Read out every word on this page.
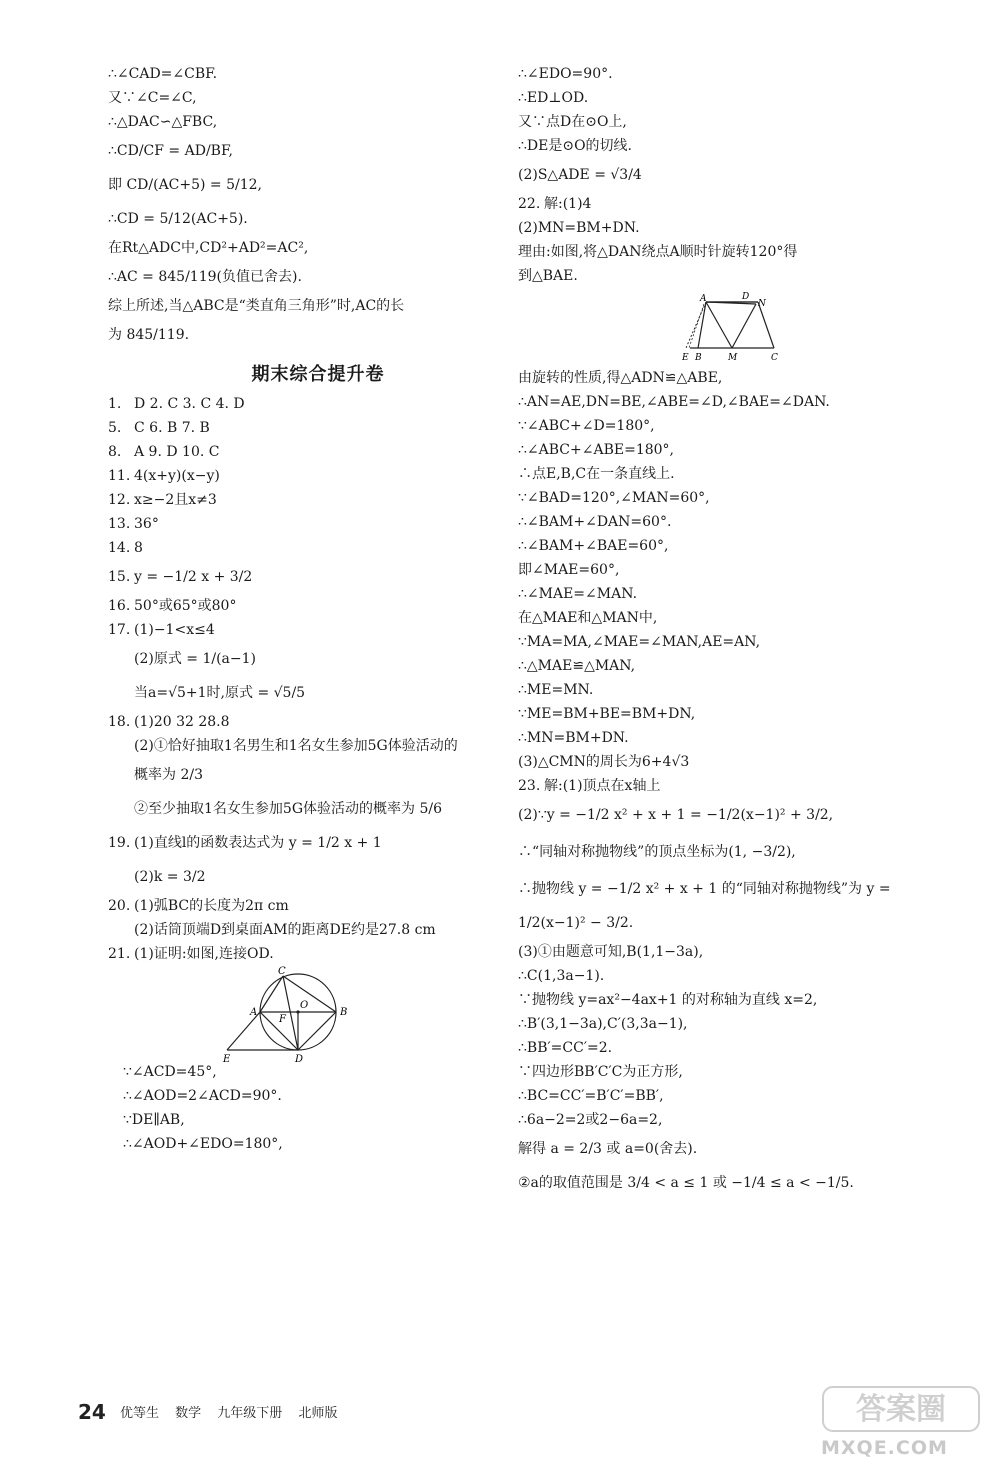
∴∠CAD=∠CBF.
又∵∠C=∠C,
∴△DAC∽△FBC,
∴CD/CF = AD/BF,
即 CD/(AC+5) = 5/12,
∴CD = 5/12(AC+5).
在Rt△ADC中,CD²+AD²=AC²,
∴AC = 845/119(负值已舍去).
综上所述,当△ABC是“类直角三角形”时,AC的长
为 845/119.
期末综合提升卷
1. D 2. C 3. C 4. D
5. C 6. B 7. B
8. A 9. D 10. C
11. 4(x+y)(x−y)
12. x≥−2且x≠3
13. 36°
14. 8
15. y = −1/2 x + 3/2
16. 50°或65°或80°
17. (1)−1<x≤4
(2)原式 = 1/(a−1)
当a=√5+1时,原式 = √5/5
18. (1)20 32 28.8
(2)①恰好抽取1名男生和1名女生参加5G体验活动的
概率为 2/3
②至少抽取1名女生参加5G体验活动的概率为 5/6
19. (1)直线l的函数表达式为 y = 1/2 x + 1
(2)k = 3/2
20. (1)弧BC的长度为2π cm
(2)话筒顶端D到桌面AM的距离DE约是27.8 cm
21. (1)证明:如图,连接OD.
C
A
F
O
B
E	D
∵∠ACD=45°,
∴∠AOD=2∠ACD=90°.
∵DE∥AB,
∴∠AOD+∠EDO=180°,
∴∠EDO=90°.
∴ED⊥OD.
又∵点D在⊙O上,
∴DE是⊙O的切线.
(2)S△ADE = √3/4
22. 解:(1)4
(2)MN=BM+DN.
理由:如图,将△DAN绕点A顺时针旋转120°得
到△BAE.
A	D
N
E B	M	C
由旋转的性质,得△ADN≌△ABE,
∴AN=AE,DN=BE,∠ABE=∠D,∠BAE=∠DAN.
∵∠ABC+∠D=180°,
∴∠ABC+∠ABE=180°,
∴点E,B,C在一条直线上.
∵∠BAD=120°,∠MAN=60°,
∴∠BAM+∠DAN=60°.
∴∠BAM+∠BAE=60°,
即∠MAE=60°,
∴∠MAE=∠MAN.
在△MAE和△MAN中,
∵MA=MA,∠MAE=∠MAN,AE=AN,
∴△MAE≌△MAN,
∴ME=MN.
∵ME=BM+BE=BM+DN,
∴MN=BM+DN.
(3)△CMN的周长为6+4√3
23. 解:(1)顶点在x轴上
(2)∵y = −1/2 x² + x + 1 = −1/2(x−1)² + 3/2,
∴“同轴对称抛物线”的顶点坐标为(1, −3/2),
∴抛物线 y = −1/2 x² + x + 1 的“同轴对称抛物线”为 y =
1/2(x−1)² − 3/2.
(3)①由题意可知,B(1,1−3a),
∴C(1,3a−1).
∵抛物线 y=ax²−4ax+1 的对称轴为直线 x=2,
∴B′(3,1−3a),C′(3,3a−1),
∴BB′=CC′=2.
∵四边形BB′C′C为正方形,
∴BC=CC′=B′C′=BB′,
∴6a−2=2或2−6a=2,
解得 a = 2/3 或 a=0(舍去).
②a的取值范围是 3/4 < a ≤ 1 或 −1/4 ≤ a < −1/5.
24 优等生 数学 九年级下册 北师版	答案圈
MXQE.COM
